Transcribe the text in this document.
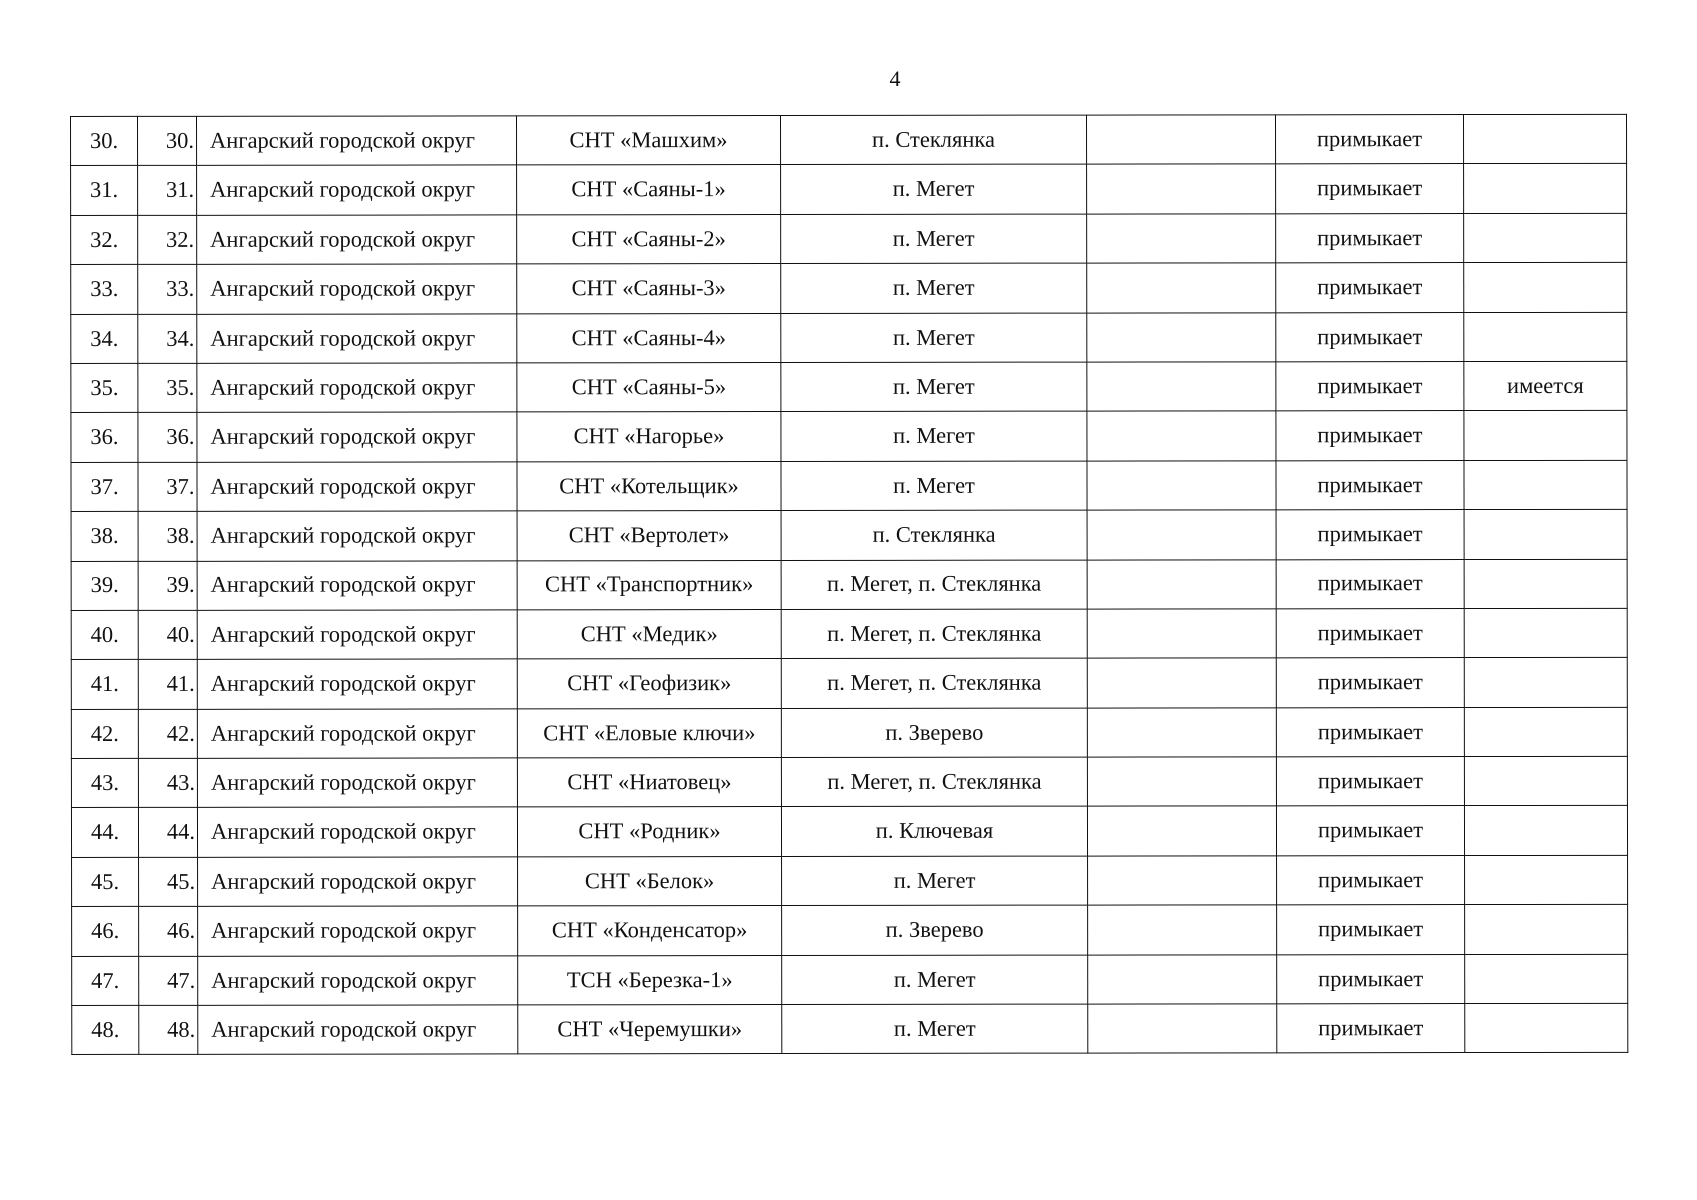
4
30.	30.	Ангарский городской округ	СНТ «Машхим»	п. Стеклянка		примыкает	
31.	31.	Ангарский городской округ	СНТ «Саяны-1»	п. Мегет		примыкает	
32.	32.	Ангарский городской округ	СНТ «Саяны-2»	п. Мегет		примыкает	
33.	33.	Ангарский городской округ	СНТ «Саяны-3»	п. Мегет		примыкает	
34.	34.	Ангарский городской округ	СНТ «Саяны-4»	п. Мегет		примыкает	
35.	35.	Ангарский городской округ	СНТ «Саяны-5»	п. Мегет		примыкает	имеется
36.	36.	Ангарский городской округ	СНТ «Нагорье»	п. Мегет		примыкает	
37.	37.	Ангарский городской округ	СНТ «Котельщик»	п. Мегет		примыкает	
38.	38.	Ангарский городской округ	СНТ «Вертолет»	п. Стеклянка		примыкает	
39.	39.	Ангарский городской округ	СНТ «Транспортник»	п. Мегет, п. Стеклянка		примыкает	
40.	40.	Ангарский городской округ	СНТ «Медик»	п. Мегет, п. Стеклянка		примыкает	
41.	41.	Ангарский городской округ	СНТ «Геофизик»	п. Мегет, п. Стеклянка		примыкает	
42.	42.	Ангарский городской округ	СНТ «Еловые ключи»	п. Зверево		примыкает	
43.	43.	Ангарский городской округ	СНТ «Ниатовец»	п. Мегет, п. Стеклянка		примыкает	
44.	44.	Ангарский городской округ	СНТ «Родник»	п. Ключевая		примыкает	
45.	45.	Ангарский городской округ	СНТ «Белок»	п. Мегет		примыкает	
46.	46.	Ангарский городской округ	СНТ «Конденсатор»	п. Зверево		примыкает	
47.	47.	Ангарский городской округ	ТСН «Березка-1»	п. Мегет		примыкает	
48.	48.	Ангарский городской округ	СНТ «Черемушки»	п. Мегет		примыкает	
